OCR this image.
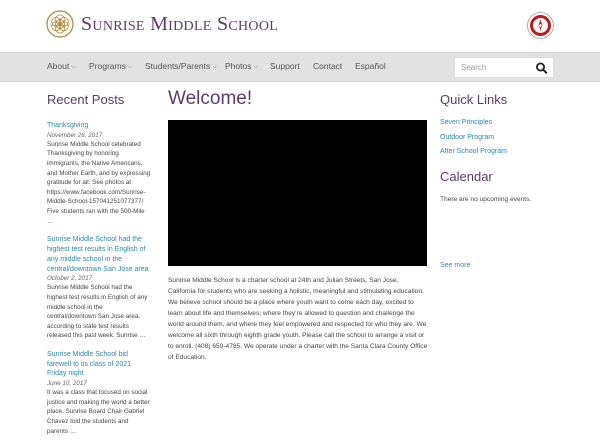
Sunrise Middle School
About ⌵ Programs ⌵ Students/Parents ⌵ Photos ⌵ Support Contact Español
Search
Recent Posts
Thanksgiving
November 26, 2017
Sunrise Middle School celebrated Thanksgiving by honoring immigrants, the Native Americans, and Mother Earth, and by expressing gratitude for all. See photos at https://www.facebook.com/Sunrise-Middle-School-157041251077377/ Five students ran with the 500-Mile …
Sunrise Middle School had the highest test results in English of any middle school in the central/downtown San Jose area
October 2, 2017
Sunrise Middle School had the highest test results in English of any middle school in the central/downtown San Jose area, according to state test results released this past week. Sunrise …
Sunrise Middle School bid farewell to its class of 2021 Friday night
June 10, 2017
It was a class that focused on social justice and making the world a better place. Sunrise Board Chair Gabriel Chávez told the students and parents …
Welcome!

Sunrise Middle School is a charter school at 24th and Julian Streets, San Jose, California for students who are seeking a holistic, meaningful and stimulating education. We believe school should be a place where youth want to come each day, excited to learn about life and themselves, where they’re allowed to question and challenge the world around them, and where they feel empowered and respected for who they are. We welcome all sixth through eighth grade youth. Please call the school to arrange a visit or to enroll. (408) 659-4785. We operate under a charter with the Santa Clara County Office of Education.

Quick Links
Seven Principles
Outdoor Program
After School Program
Calendar
There are no upcoming events.
See more
